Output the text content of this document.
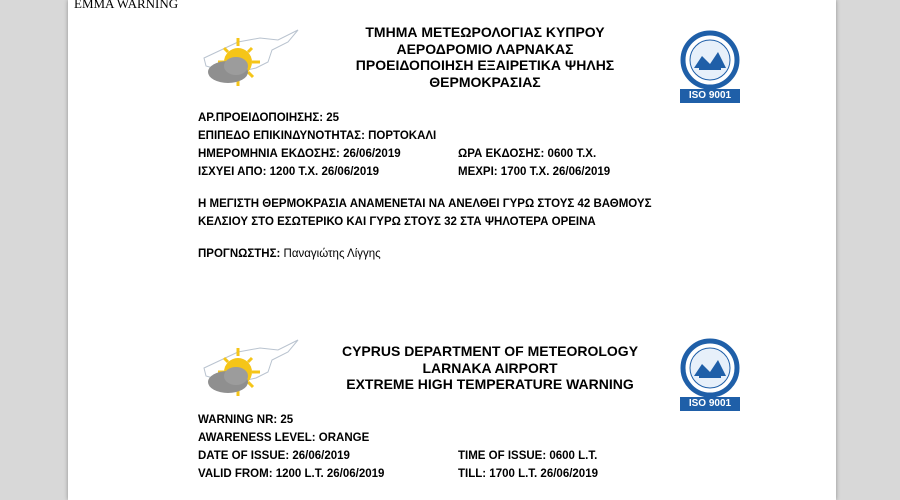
EMMA WARNING
ΤΜΗΜΑ ΜΕΤΕΩΡΟΛΟΓΙΑΣ ΚΥΠΡΟΥ
ΑΕΡΟΔΡΟΜΙΟ ΛΑΡΝΑΚΑΣ
ΠΡΟΕΙΔΟΠΟΙΗΣΗ ΕΞΑΙΡΕΤΙΚΑ ΨΗΛΗΣ
ΘΕΡΜΟΚΡΑΣΙΑΣ
ISO 9001
ΑΡ.ΠΡΟΕΙΔΟΠΟΙΗΣΗΣ: 25
ΕΠΙΠΕΔΟ ΕΠΙΚΙΝΔΥΝΟΤΗΤΑΣ: ΠΟΡΤΟΚΑΛΙ
ΗΜΕΡΟΜΗΝΙΑ ΕΚΔΟΣΗΣ: 26/06/2019	ΩΡΑ ΕΚΔΟΣΗΣ: 0600 Τ.Χ.
ΙΣΧΥΕΙ ΑΠΟ: 1200 Τ.Χ. 26/06/2019	ΜΕΧΡΙ: 1700 Τ.Χ. 26/06/2019
Η ΜΕΓΙΣΤΗ ΘΕΡΜΟΚΡΑΣΙΑ ΑΝΑΜΕΝΕΤΑΙ ΝΑ ΑΝΕΛΘΕΙ ΓΥΡΩ ΣΤΟΥΣ 42 ΒΑΘΜΟΥΣ
ΚΕΛΣΙΟΥ ΣΤΟ ΕΣΩΤΕΡΙΚΟ ΚΑΙ ΓΥΡΩ ΣΤΟΥΣ 32 ΣΤΑ ΨΗΛΟΤΕΡΑ ΟΡΕΙΝΑ
ΠΡΟΓΝΩΣΤΗΣ: Παναγιώτης Λίγγης
CYPRUS DEPARTMENT OF METEOROLOGY
LARNAKA AIRPORT
EXTREME HIGH TEMPERATURE WARNING
ISO 9001
WARNING NR: 25
AWARENESS LEVEL: ORANGE
DATE OF ISSUE: 26/06/2019	TIME OF ISSUE: 0600 L.T.
VALID FROM: 1200 L.T. 26/06/2019	TILL: 1700 L.T. 26/06/2019
